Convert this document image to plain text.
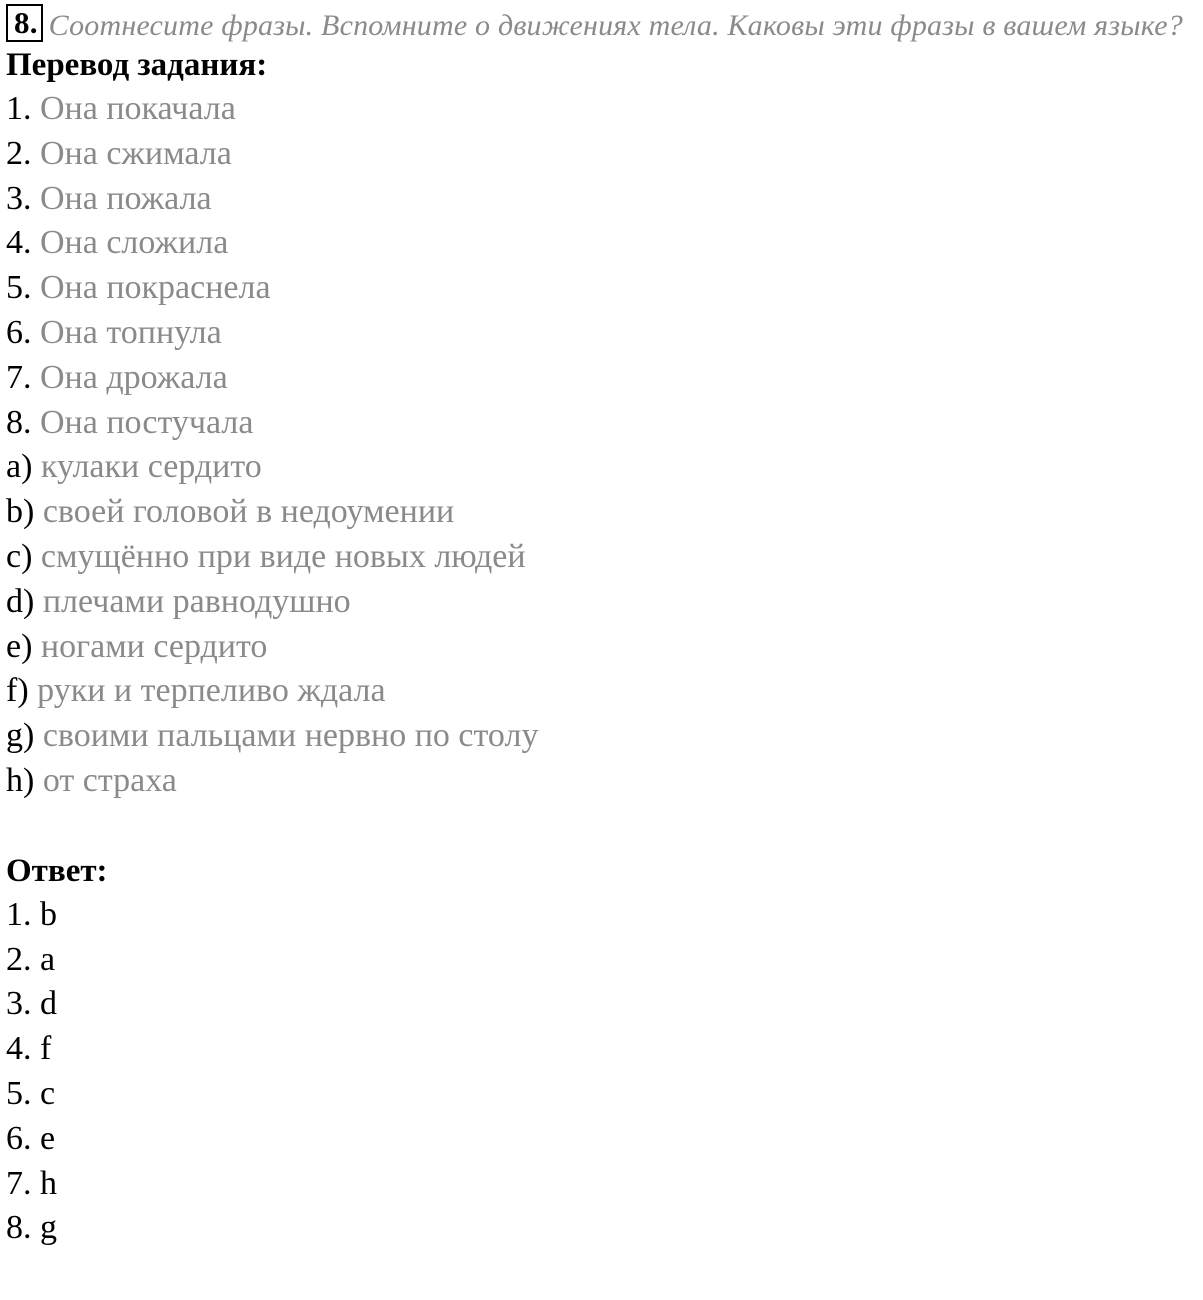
8. Соотнесите фразы. Вспомните о движениях тела. Каковы эти фразы в вашем языке?
Перевод задания:
1. Она покачала
2. Она сжимала
3. Она пожала
4. Она сложила
5. Она покраснела
6. Она топнула
7. Она дрожала
8. Она постучала
a) кулаки сердито
b) своей головой в недоумении
c) смущённо при виде новых людей
d) плечами равнодушно
e) ногами сердито
f) руки и терпеливо ждала
g) своими пальцами нервно по столу
h) от страха
Ответ:
1. b
2. a
3. d
4. f
5. c
6. e
7. h
8. g
